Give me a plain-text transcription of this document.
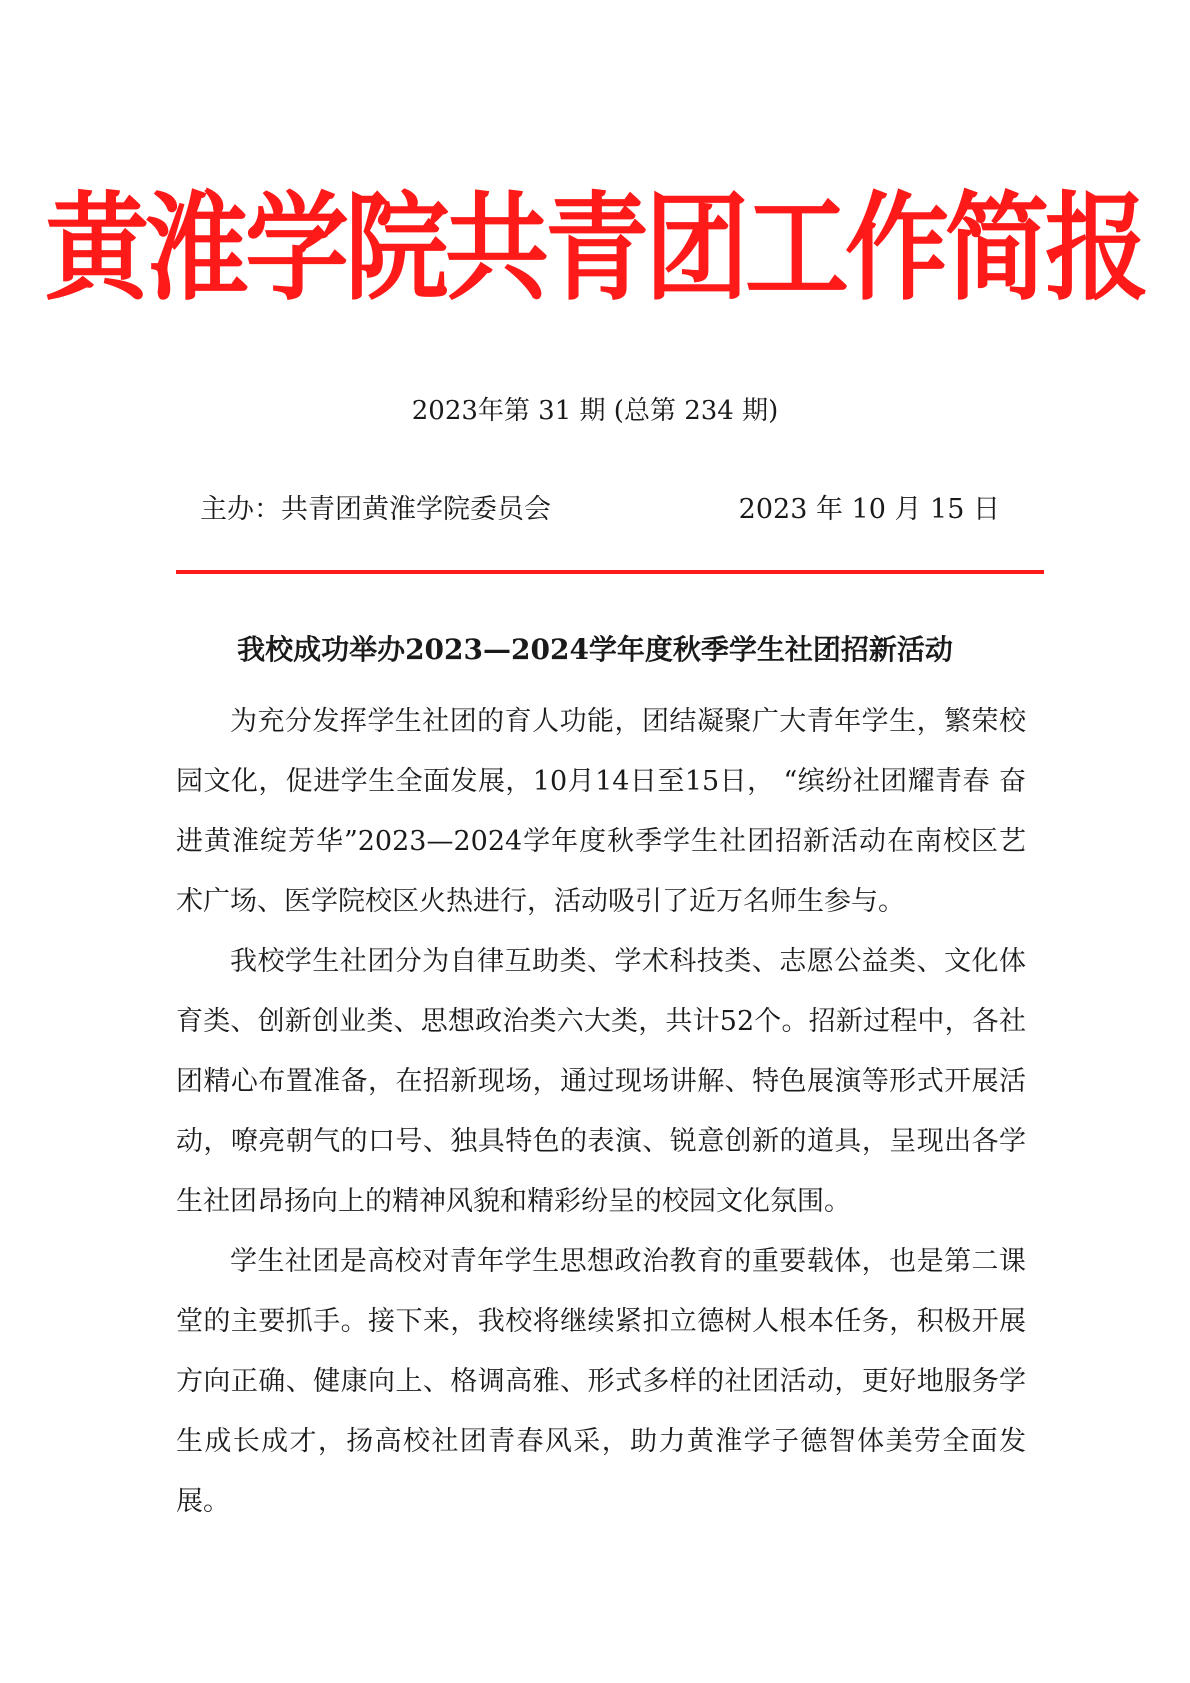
黄淮学院共青团工作简报
2023年第 31 期 (总第 234 期)
主办：共青团黄淮学院委员会	2023 年 10 月 15 日
我校成功举办2023—2024学年度秋季学生社团招新活动

为充分发挥学生社团的育人功能，团结凝聚广大青年学生，繁荣校园文化，促进学生全面发展，10月14日至15日， “缤纷社团耀青春 奋进黄淮绽芳华”2023—2024学年度秋季学生社团招新活动在南校区艺术广场、医学院校区火热进行，活动吸引了近万名师生参与。

我校学生社团分为自律互助类、学术科技类、志愿公益类、文化体育类、创新创业类、思想政治类六大类，共计52个。招新过程中，各社团精心布置准备，在招新现场，通过现场讲解、特色展演等形式开展活动，嘹亮朝气的口号、独具特色的表演、锐意创新的道具，呈现出各学生社团昂扬向上的精神风貌和精彩纷呈的校园文化氛围。

学生社团是高校对青年学生思想政治教育的重要载体，也是第二课堂的主要抓手。接下来，我校将继续紧扣立德树人根本任务，积极开展方向正确、健康向上、格调高雅、形式多样的社团活动，更好地服务学生成长成才，扬高校社团青春风采，助力黄淮学子德智体美劳全面发展。
